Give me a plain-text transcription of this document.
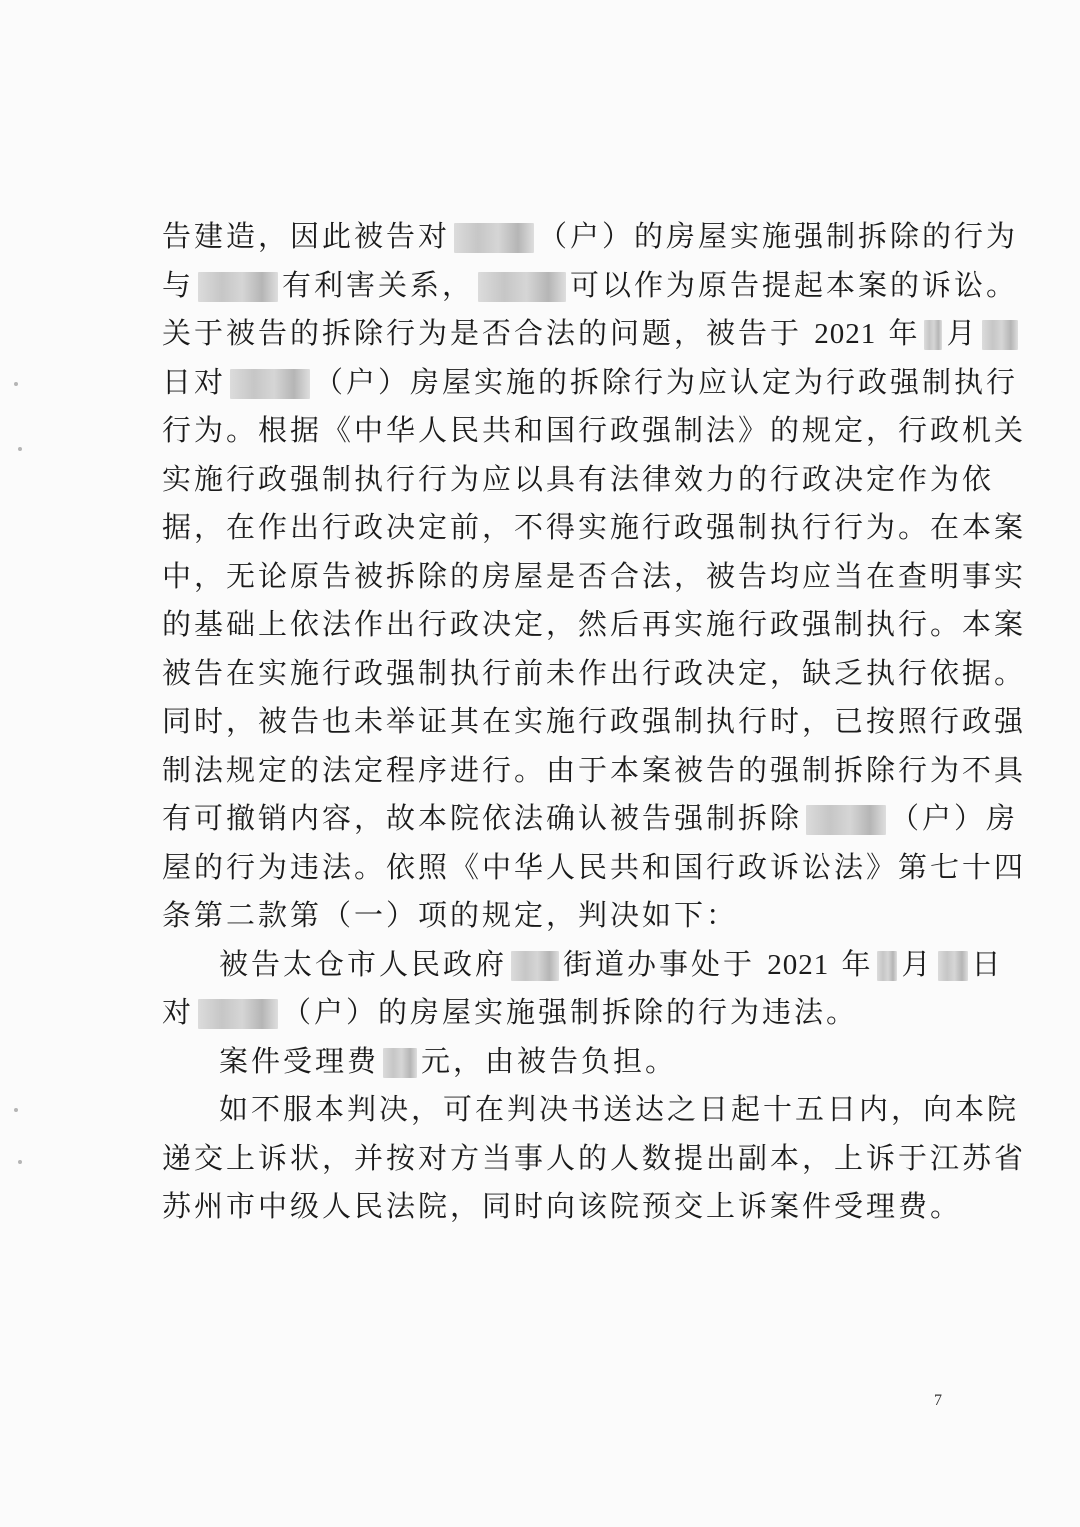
告建造，因此被告对	（户）的房屋实施强制拆除的行为
与	有利害关系，	可以作为原告提起本案的诉讼。
关于被告的拆除行为是否合法的问题，被告于 2021 年 月
日对	（户）房屋实施的拆除行为应认定为行政强制执行
行为。根据《中华人民共和国行政强制法》的规定，行政机关
实施行政强制执行行为应以具有法律效力的行政决定作为依
据，在作出行政决定前，不得实施行政强制执行行为。在本案
中，无论原告被拆除的房屋是否合法，被告均应当在查明事实
的基础上依法作出行政决定，然后再实施行政强制执行。本案
被告在实施行政强制执行前未作出行政决定，缺乏执行依据。
同时，被告也未举证其在实施行政强制执行时，已按照行政强
制法规定的法定程序进行。由于本案被告的强制拆除行为不具
有可撤销内容，故本院依法确认被告强制拆除	（户）房
屋的行为违法。依照《中华人民共和国行政诉讼法》第七十四
条第二款第（一）项的规定，判决如下：
被告太仓市人民政府 街道办事处于 2021 年 月 日
对	（户）的房屋实施强制拆除的行为违法。
案件受理费 元，由被告负担。
如不服本判决，可在判决书送达之日起十五日内，向本院
递交上诉状，并按对方当事人的人数提出副本，上诉于江苏省
苏州市中级人民法院，同时向该院预交上诉案件受理费。
7
